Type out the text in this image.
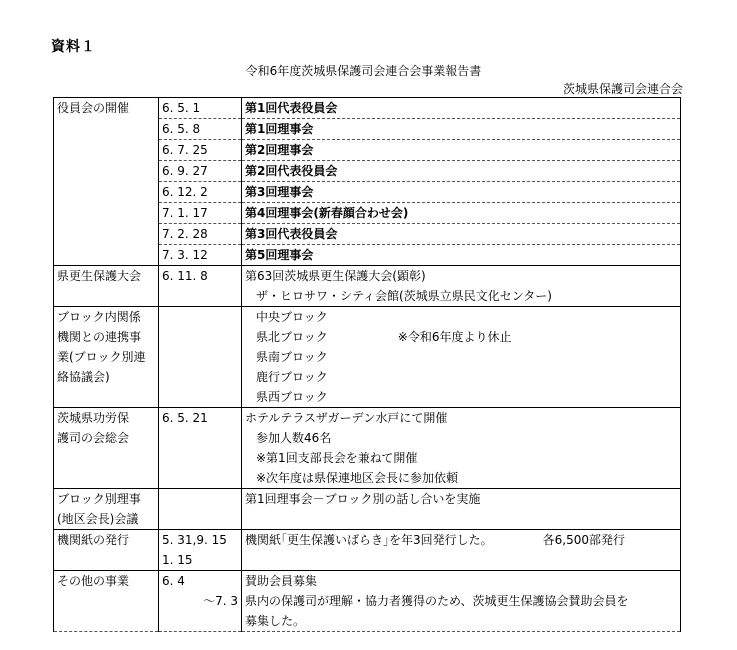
資料１
令和6年度茨城県保護司会連合会事業報告書
茨城県保護司会連合会
役員会の開催	6. 5. 1	第1回代表役員会
	6. 5. 8	第1回理事会
	6. 7. 25	第2回理事会
	6. 9. 27	第2回代表役員会
	6. 12. 2	第3回理事会
	7. 1. 17	第4回理事会(新春顔合わせ会)
	7. 2. 28	第3回代表役員会
	7. 3. 12	第5回理事会
県更生保護大会	6. 11. 8	第63回茨城県更生保護大会(顕彰)
		ザ・ヒロサワ・シティ会館(茨城県立県民文化センター)

ブロック内関係
機関との連携事
業(ブロック別連
絡協議会)		中央ブロック
		県北ブロック ※令和6年度より休止
		県南ブロック
		鹿行ブロック
		県西ブロック

茨城県功労保
護司の会総会	6. 5. 21	ホテルテラスザガーデン水戸にて開催
		参加人数46名
		※第1回支部長会を兼ねて開催
		※次年度は県保連地区会長に参加依頼

ブロック別理事
(地区会長)会議		第1回理事会－ブロック別の話し合いを実施

機関紙の発行	5. 31,9. 15	機関紙｢更生保護いばらき｣を年3回発行した。 各6,500部発行
	1. 15	
その他の事業	6. 4	賛助会員募集
	～7. 3	県内の保護司が理解・協力者獲得のため、茨城更生保護協会賛助会員を
		募集した。
